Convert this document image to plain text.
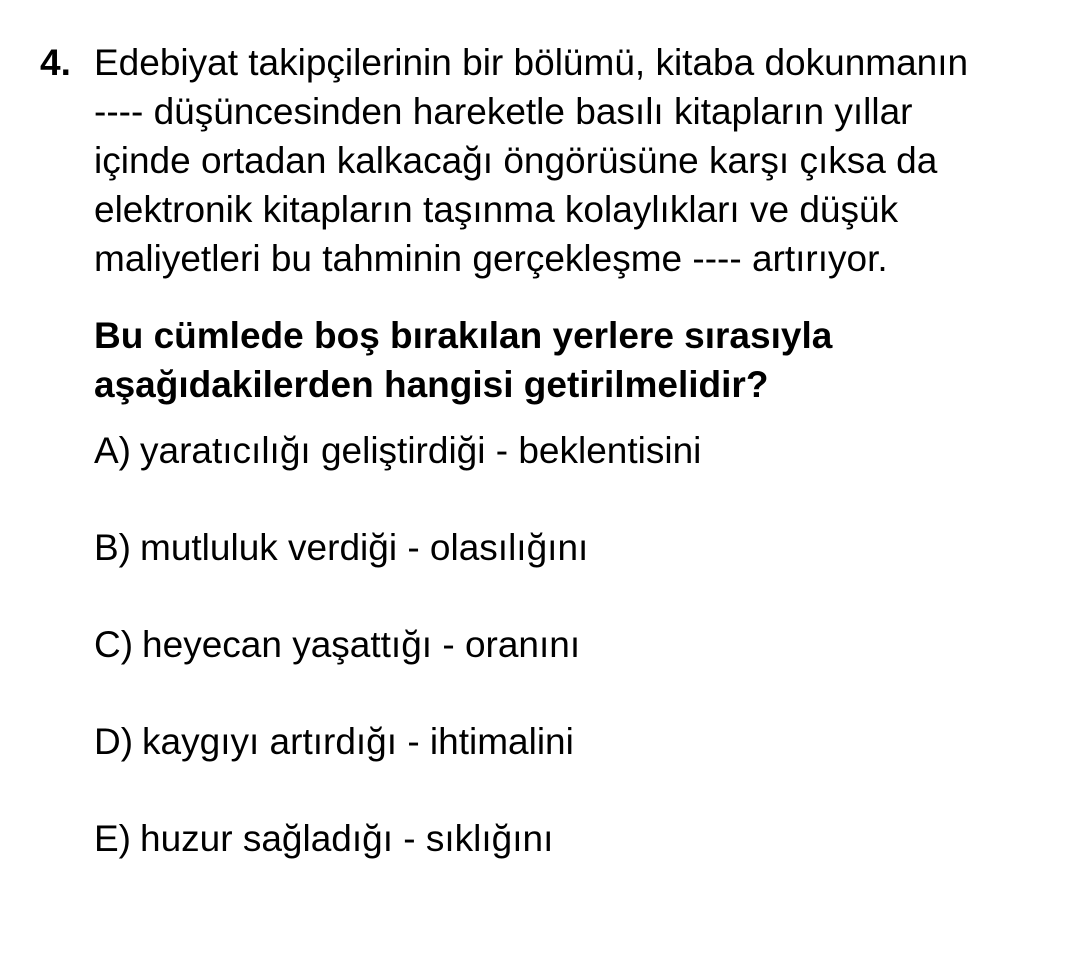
4. Edebiyat takipçilerinin bir bölümü, kitaba dokunmanın
---- düşüncesinden hareketle basılı kitapların yıllar
içinde ortadan kalkacağı öngörüsüne karşı çıksa da
elektronik kitapların taşınma kolaylıkları ve düşük
maliyetleri bu tahminin gerçekleşme ---- artırıyor.

Bu cümlede boş bırakılan yerlere sırasıyla
aşağıdakilerden hangisi getirilmelidir?

A) yaratıcılığı geliştirdiği - beklentisini
B) mutluluk verdiği - olasılığını
C) heyecan yaşattığı - oranını
D) kaygıyı artırdığı - ihtimalini
E) huzur sağladığı - sıklığını
